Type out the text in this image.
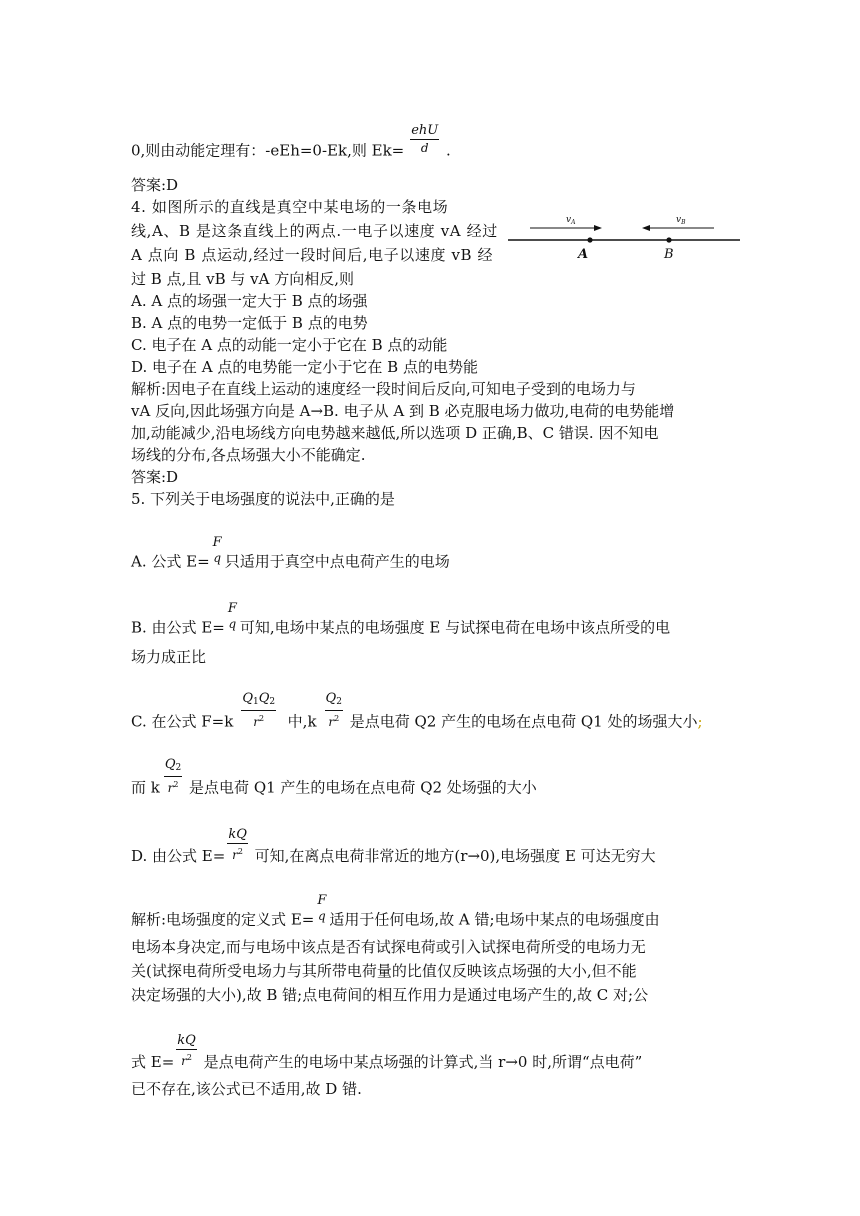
0,则由动能定理有：-eEh=0-Ek,则 $Ek= \frac{\text{ehU}}{d}$ .
答案:D
4. 如图所示的直线是真空中某电场的一条电场
线,A、B 是这条直线上的两点.一电子以速度 vA 经过
A 点向 B 点运动,经过一段时间后,电子以速度 vB 经
过 B 点,且 vB 与 vA 方向相反,则
A. A 点的场强一定大于 B 点的场强
B. A 点的电势一定低于 B 点的电势
C. 电子在 A 点的动能一定小于它在 B 点的动能
D. 电子在 A 点的电势能一定小于它在 B 点的电势能
解析:因电子在直线上运动的速度经一段时间后反向,可知电子受到的电场力与
vA 反向,因此场强方向是 A→B. 电子从 A 到 B 必克服电场力做功,电荷的电势能增
加,动能减少,沿电场线方向电势越来越低,所以选项 D 正确,B、C 错误. 因不知电
场线的分布,各点场强大小不能确定.
答案:D
5. 下列关于电场强度的说法中,正确的是
$v_A$	$v_B$
A	B
A. 公式 E=
F
q 只适用于真空中点电荷产生的电场
B. 由公式 E=
F
q 可知,电场中某点的电场强度 E 与试探电荷在电场中该点所受的电
场力成正比
C. 在公式 $F=k \frac{Q_1Q_2}{r^2}$ 中$,k \frac{Q_2}{r^2}$ 是点电荷 Q2 产生的电场在点电荷 Q1 处的场强大小;
而 k $\frac{Q_2}{r^2}$ 是点电荷 Q1 产生的电场在点电荷 Q2 处场强的大小
D. 由公式 $E= \frac{kQ}{r^2}$ 可知,在离点电荷非常近的地方(r→0),电场强度 E 可达无穷大
解析:电场强度的定义式 E=
F
q 适用于任何电场,故 A 错;电场中某点的电场强度由
电场本身决定,而与电场中该点是否有试探电荷或引入试探电荷所受的电场力无
关(试探电荷所受电场力与其所带电荷量的比值仅反映该点场强的大小,但不能
决定场强的大小),故 B 错;点电荷间的相互作用力是通过电场产生的,故 C 对;公
式 $E= \frac{kQ}{r^2}$ 是点电荷产生的电场中某点场强的计算式,当 r→0 时,所谓“点电荷”
已不存在,该公式已不适用,故 D 错.
